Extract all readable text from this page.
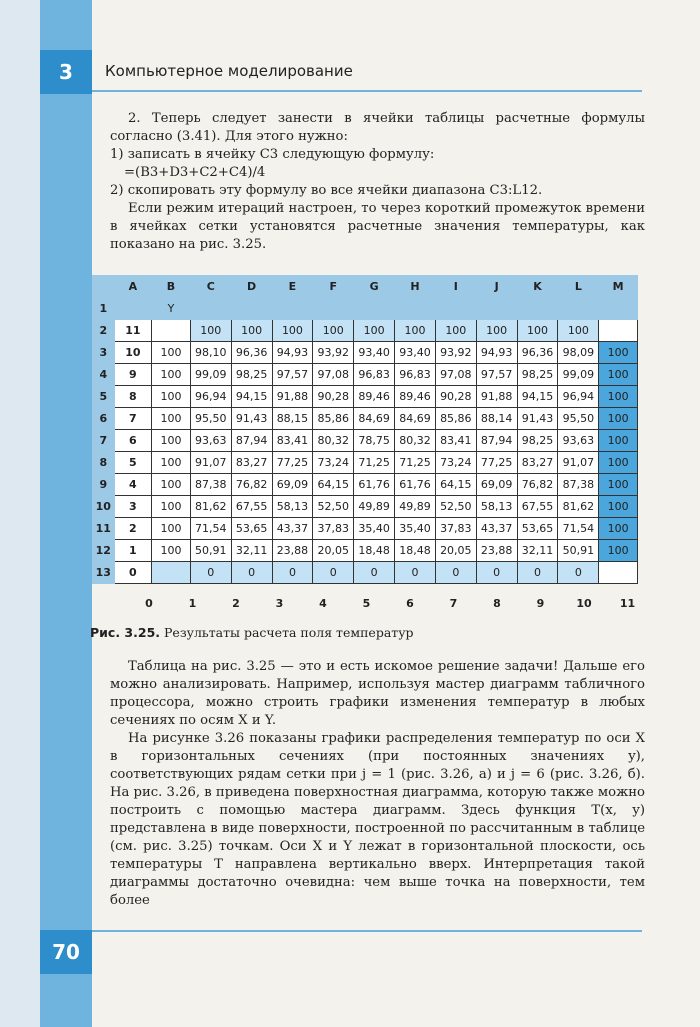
3
70
Компьютерное моделирование

2. Теперь следует занести в ячейки таблицы расчетные формулы согласно (3.41). Для этого нужно:

1) записать в ячейку C3 следующую формулу:

=(B3+D3+C2+C4)/4

2) скопировать эту формулу во все ячейки диапазона C3:L12.

Если режим итераций настроен, то через короткий промежуток времени в ячейках сетки установятся расчетные значения температуры, как показано на рис. 3.25.

	A	B	C	D	E	F	G	H	I	J	K	L	M
1		Y											
2	11		100	100	100	100	100	100	100	100	100	100	
3	10	100	98,10	96,36	94,93	93,92	93,40	93,40	93,92	94,93	96,36	98,09	100
4	9	100	99,09	98,25	97,57	97,08	96,83	96,83	97,08	97,57	98,25	99,09	100
5	8	100	96,94	94,15	91,88	90,28	89,46	89,46	90,28	91,88	94,15	96,94	100
6	7	100	95,50	91,43	88,15	85,86	84,69	84,69	85,86	88,14	91,43	95,50	100
7	6	100	93,63	87,94	83,41	80,32	78,75	80,32	83,41	87,94	98,25	93,63	100
8	5	100	91,07	83,27	77,25	73,24	71,25	71,25	73,24	77,25	83,27	91,07	100
9	4	100	87,38	76,82	69,09	64,15	61,76	61,76	64,15	69,09	76,82	87,38	100
10	3	100	81,62	67,55	58,13	52,50	49,89	49,89	52,50	58,13	67,55	81,62	100
11	2	100	71,54	53,65	43,37	37,83	35,40	35,40	37,83	43,37	53,65	71,54	100
12	1	100	50,91	32,11	23,88	20,05	18,48	18,48	20,05	23,88	32,11	50,91	100
13	0		0	0	0	0	0	0	0	0	0	0	
0	1	2	3	4	5	6	7	8	9	10	11
Рис. 3.25. Результаты расчета поля температур

Таблица на рис. 3.25 — это и есть искомое решение задачи! Дальше его можно анализировать. Например, используя мастер диаграмм табличного процессора, можно строить графики изменения температур в любых сечениях по осям X и Y.

На рисунке 3.26 показаны графики распределения температур по оси X в горизонтальных сечениях (при постоянных значениях y), соответствующих рядам сетки при j = 1 (рис. 3.26, а) и j = 6 (рис. 3.26, б). На рис. 3.26, в приведена поверхностная диаграмма, которую также можно построить с помощью мастера диаграмм. Здесь функция T(x, y) представлена в виде поверхности, построенной по рассчитанным в таблице (см. рис. 3.25) точкам. Оси X и Y лежат в горизонтальной плоскости, ось температуры T направлена вертикально вверх. Интерпретация такой диаграммы достаточно очевидна: чем выше точка на поверхности, тем более
